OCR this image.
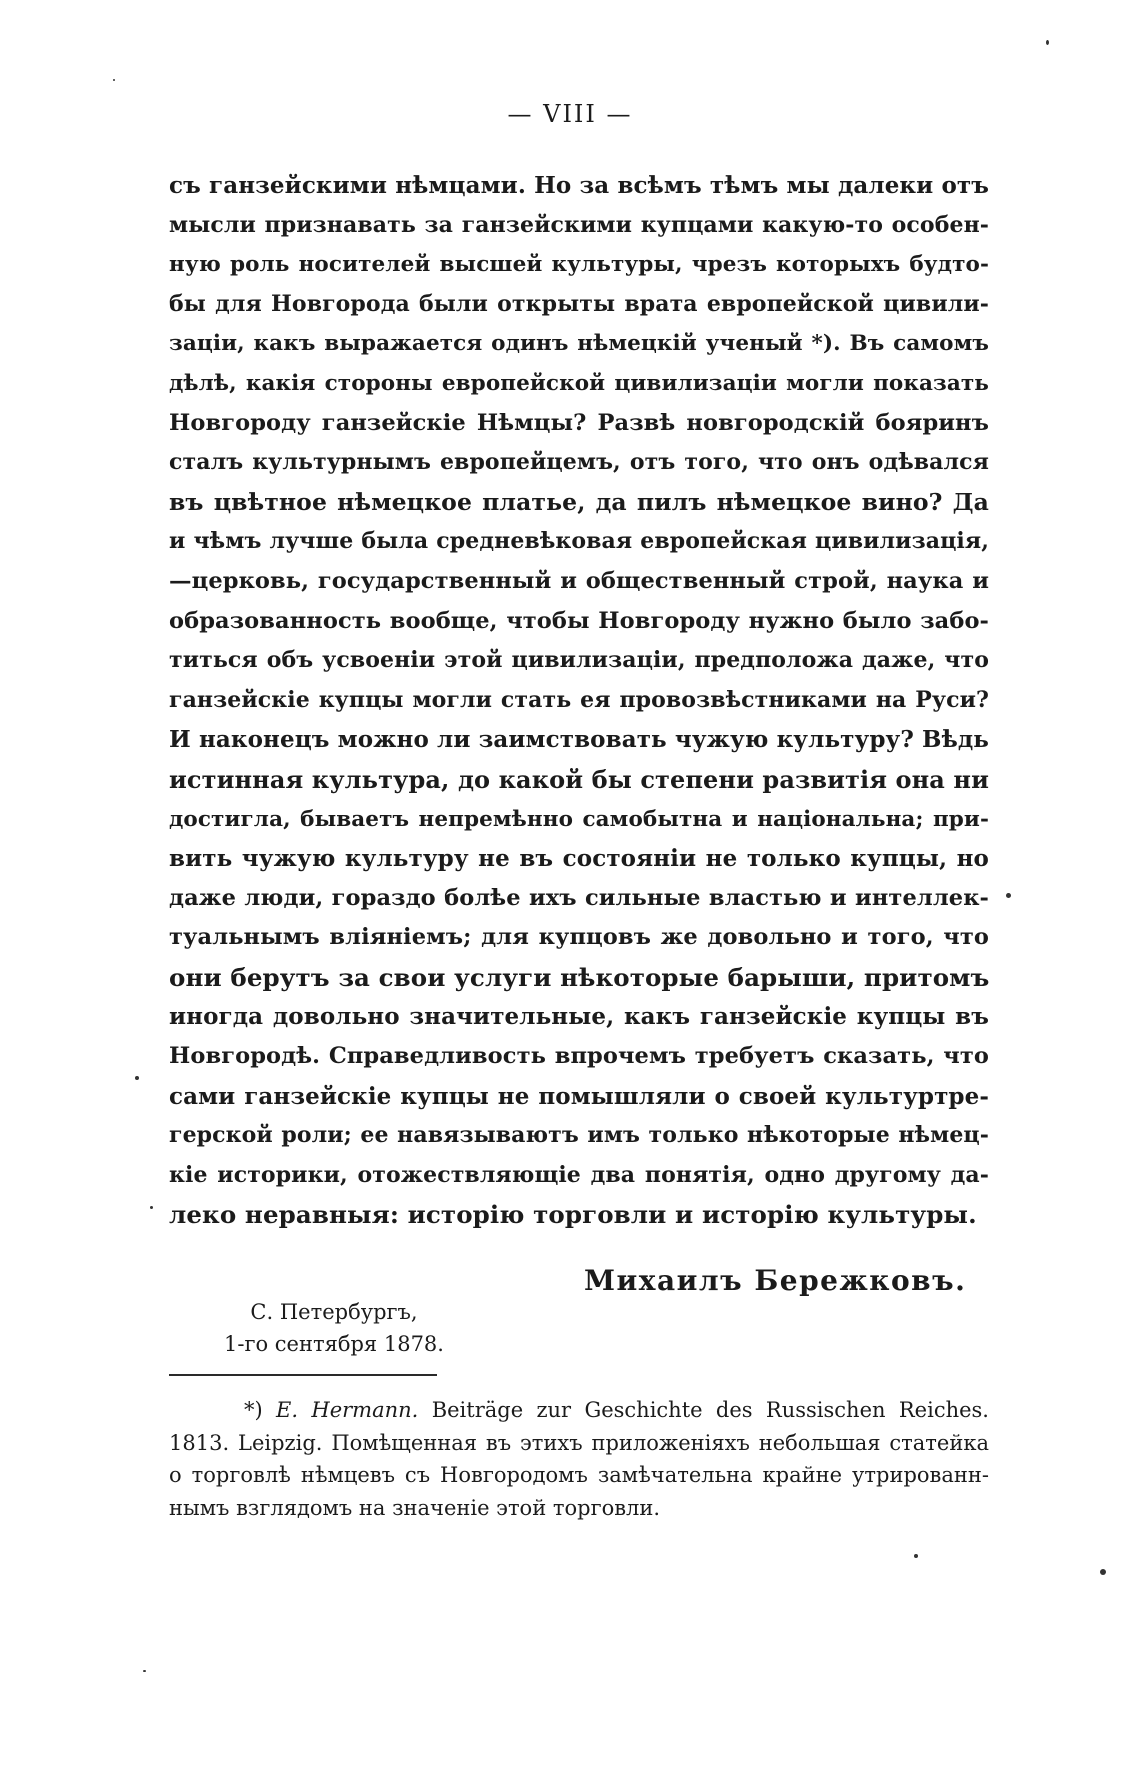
— VIII —
съ ганзейскими нѣмцами. Но за всѣмъ тѣмъ мы далеки отъ
мысли признавать за ганзейскими купцами какую-то особен-
ную роль носителей высшей культуры, чрезъ которыхъ будто-
бы для Новгорода были открыты врата европейской цивили-
заціи, какъ выражается одинъ нѣмецкій ученый *). Въ самомъ
дѣлѣ, какія стороны европейской цивилизаціи могли показать
Новгороду ганзейскіе Нѣмцы? Развѣ новгородскій бояринъ
сталъ культурнымъ европейцемъ, отъ того, что онъ одѣвался
въ цвѣтное нѣмецкое платье, да пилъ нѣмецкое вино? Да
и чѣмъ лучше была средневѣковая европейская цивилизація,
—церковь, государственный и общественный строй, наука и
образованность вообще, чтобы Новгороду нужно было забо-
титься объ усвоеніи этой цивилизаціи, предположа даже, что
ганзейскіе купцы могли стать ея провозвѣстниками на Руси?
И наконецъ можно ли заимствовать чужую культуру? Вѣдь
истинная культура, до какой бы степени развитія она ни
достигла, бываетъ непремѣнно самобытна и національна; при-
вить чужую культуру не въ состояніи не только купцы, но
даже люди, гораздо болѣе ихъ сильные властью и интеллек-
туальнымъ вліяніемъ; для купцовъ же довольно и того, что
они берутъ за свои услуги нѣкоторые барыши, притомъ
иногда довольно значительные, какъ ганзейскіе купцы въ
Новгородѣ. Справедливость впрочемъ требуетъ сказать, что
сами ганзейскіе купцы не помышляли о своей культуртре-
герской роли; ее навязываютъ имъ только нѣкоторые нѣмец-
кіе историки, отожествляющіе два понятія, одно другому да-
леко неравныя: исторію торговли и исторію культуры.
Михаилъ Бережковъ.
С. Петербургъ,
1-го сентября 1878.
*) E. Hermann. Beiträge zur Geschichte des Russischen Reiches.
1813. Leipzig. Помѣщенная въ этихъ приложеніяхъ небольшая статейка
о торговлѣ нѣмцевъ съ Новгородомъ замѣчательна крайне утрированн-
нымъ взглядомъ на значеніе этой торговли.
